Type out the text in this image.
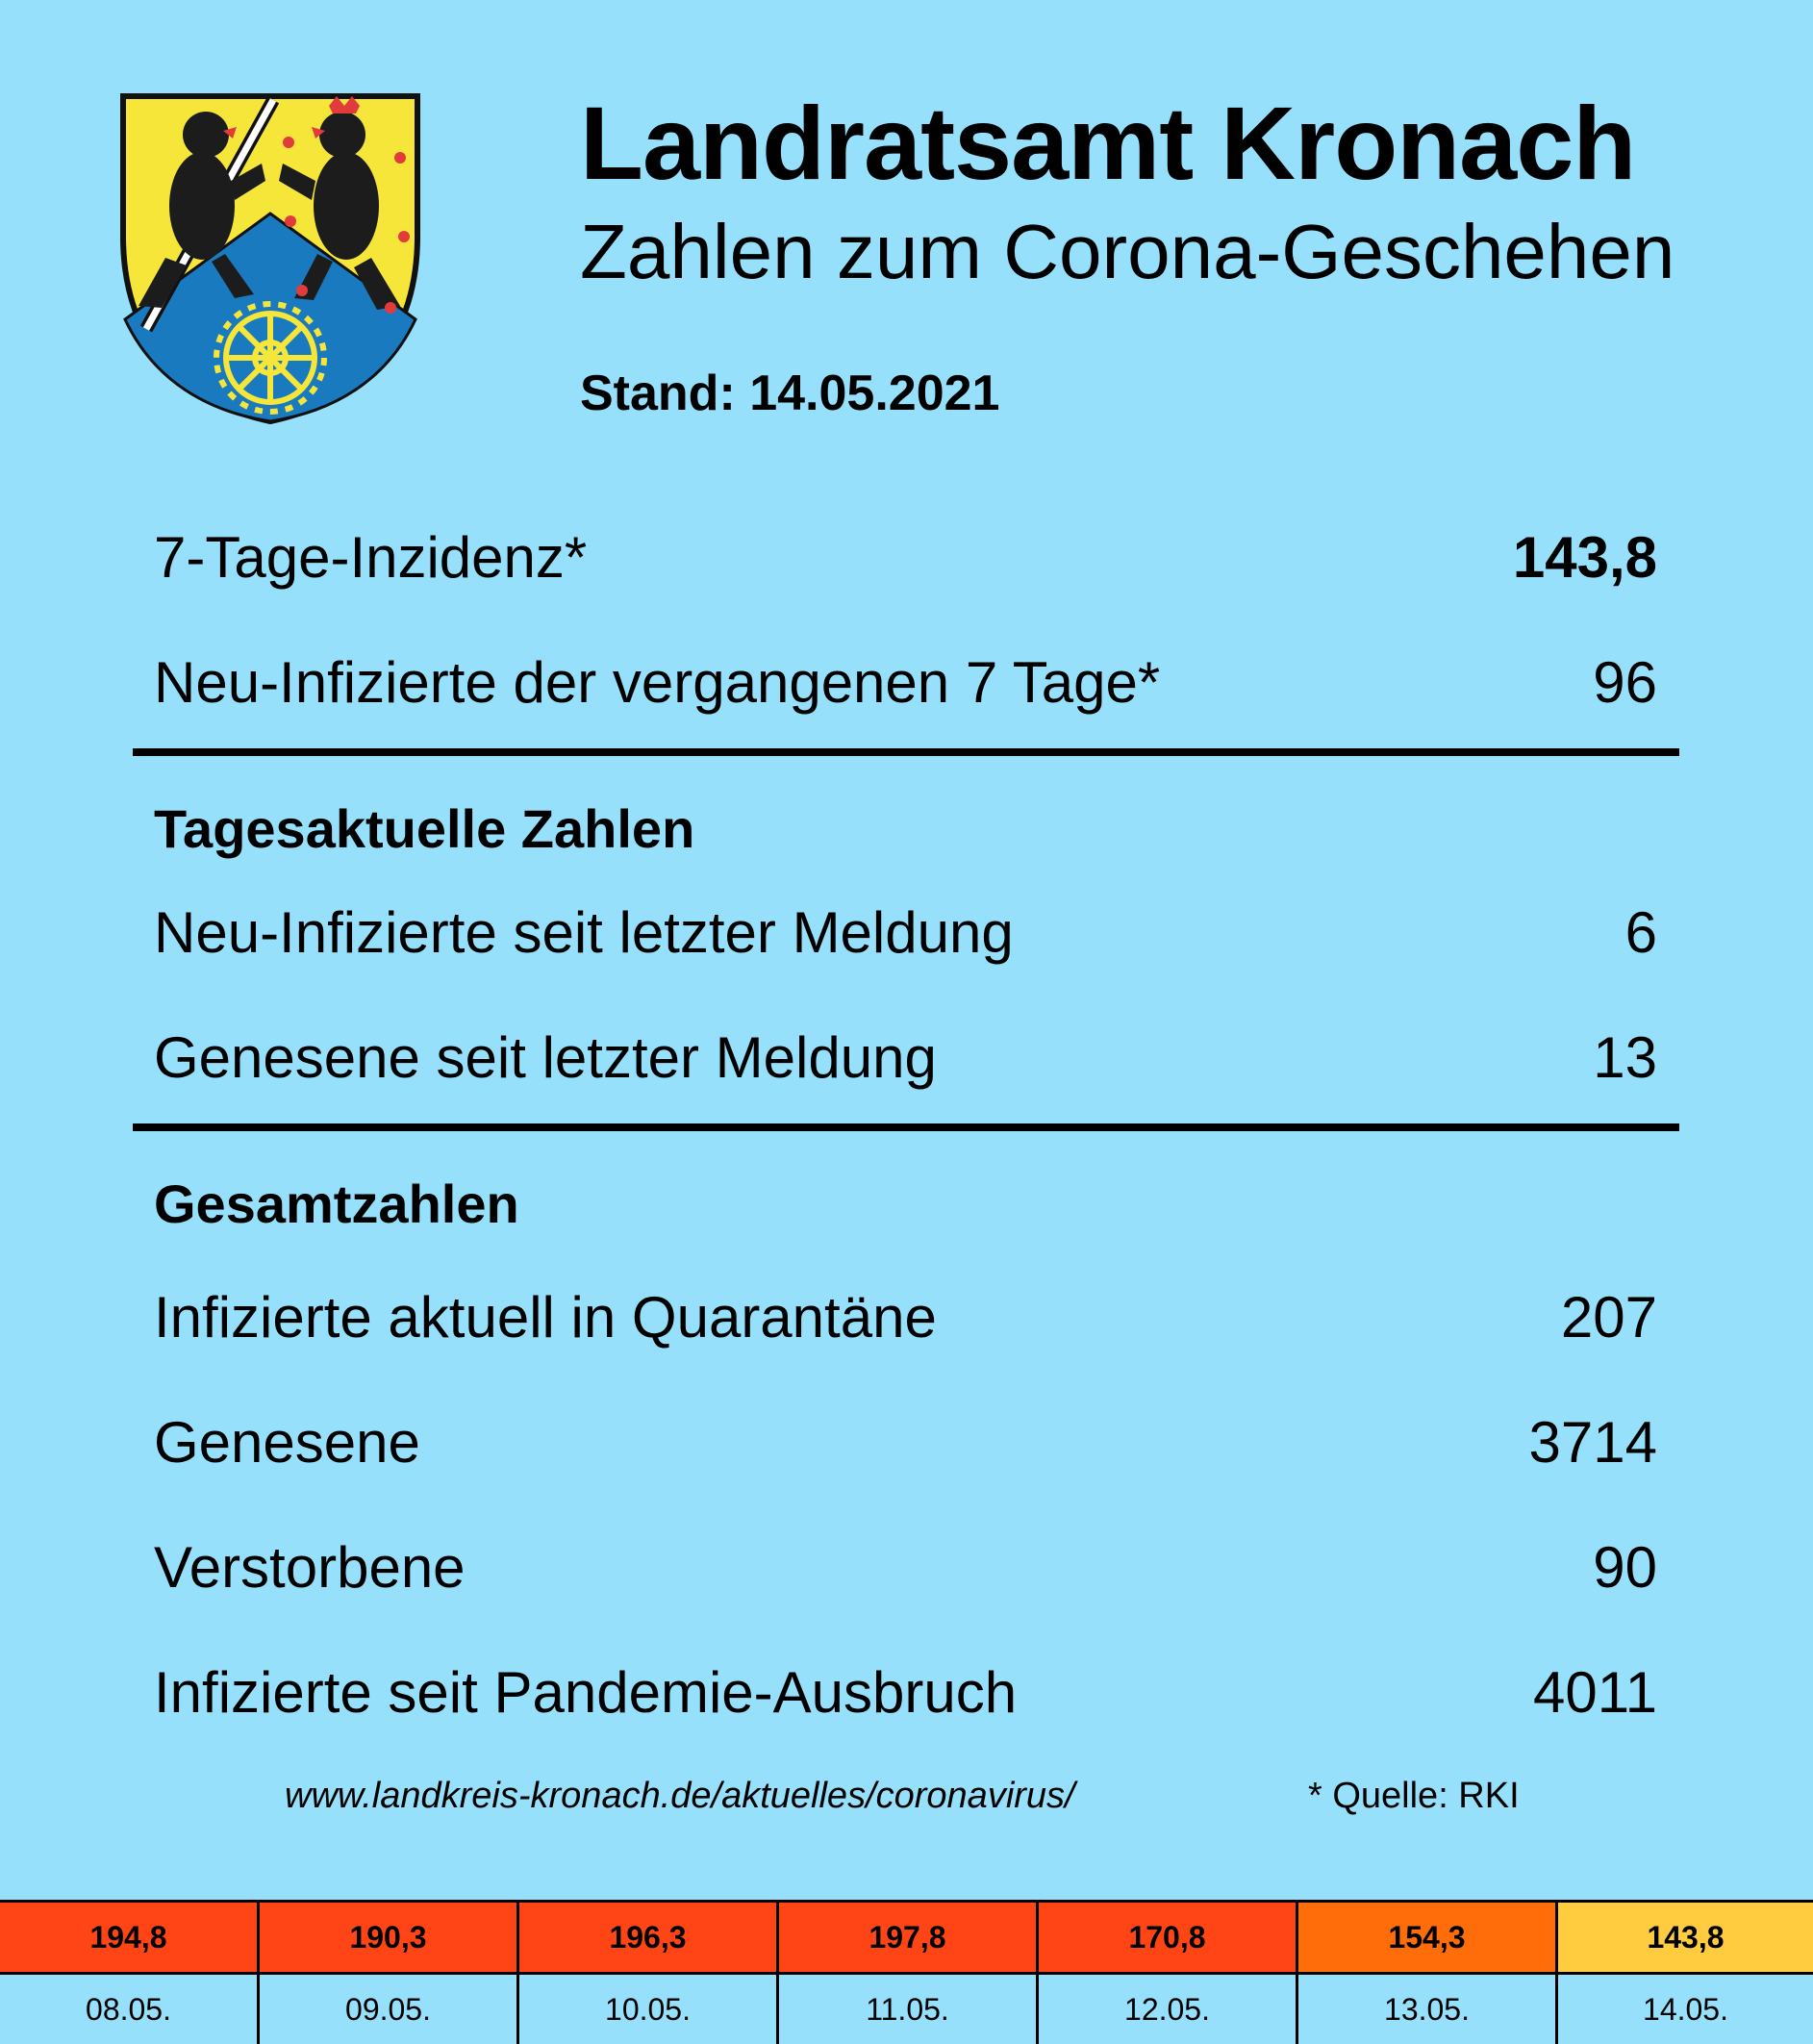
Landratsamt Kronach
Zahlen zum Corona-Geschehen
Stand: 14.05.2021
7-Tage-Inzidenz*	143,8
Neu-Infizierte der vergangenen 7 Tage*	96
Tagesaktuelle Zahlen
Neu-Infizierte seit letzter Meldung	6
Genesene seit letzter Meldung	13
Gesamtzahlen
Infizierte aktuell in Quarantäne	207
Genesene	3714
Verstorbene	90
Infizierte seit Pandemie-Ausbruch	4011
www.landkreis-kronach.de/aktuelles/coronavirus/	* Quelle: RKI
194,8	190,3	196,3	197,8	170,8	154,3	143,8
08.05.	09.05.	10.05.	11.05.	12.05.	13.05.	14.05.
